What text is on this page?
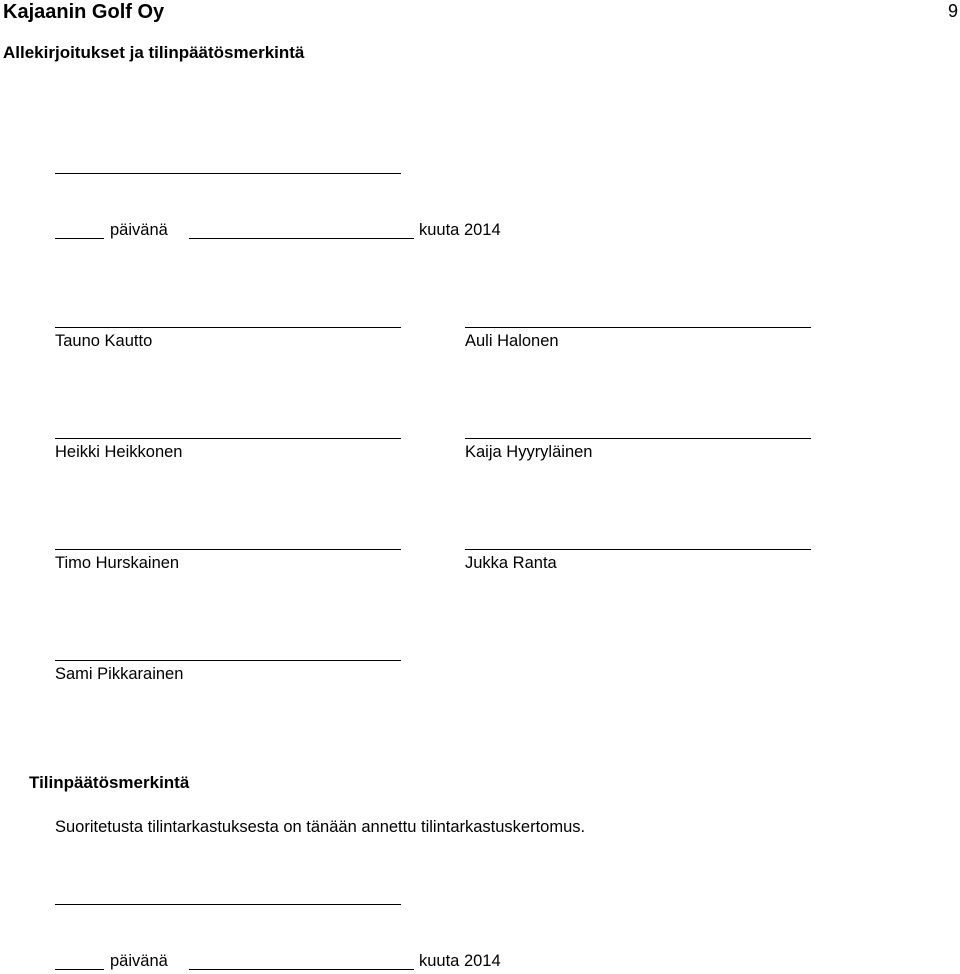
Kajaanin Golf Oy	9
Allekirjoitukset ja tilinpäätösmerkintä
päivänä	kuuta 2014
Tauno Kautto	Auli Halonen
Heikki Heikkonen	Kaija Hyyryläinen
Timo Hurskainen	Jukka Ranta
Sami Pikkarainen
Tilinpäätösmerkintä
Suoritetusta tilintarkastuksesta on tänään annettu tilintarkastuskertomus.
päivänä	kuuta 2014
